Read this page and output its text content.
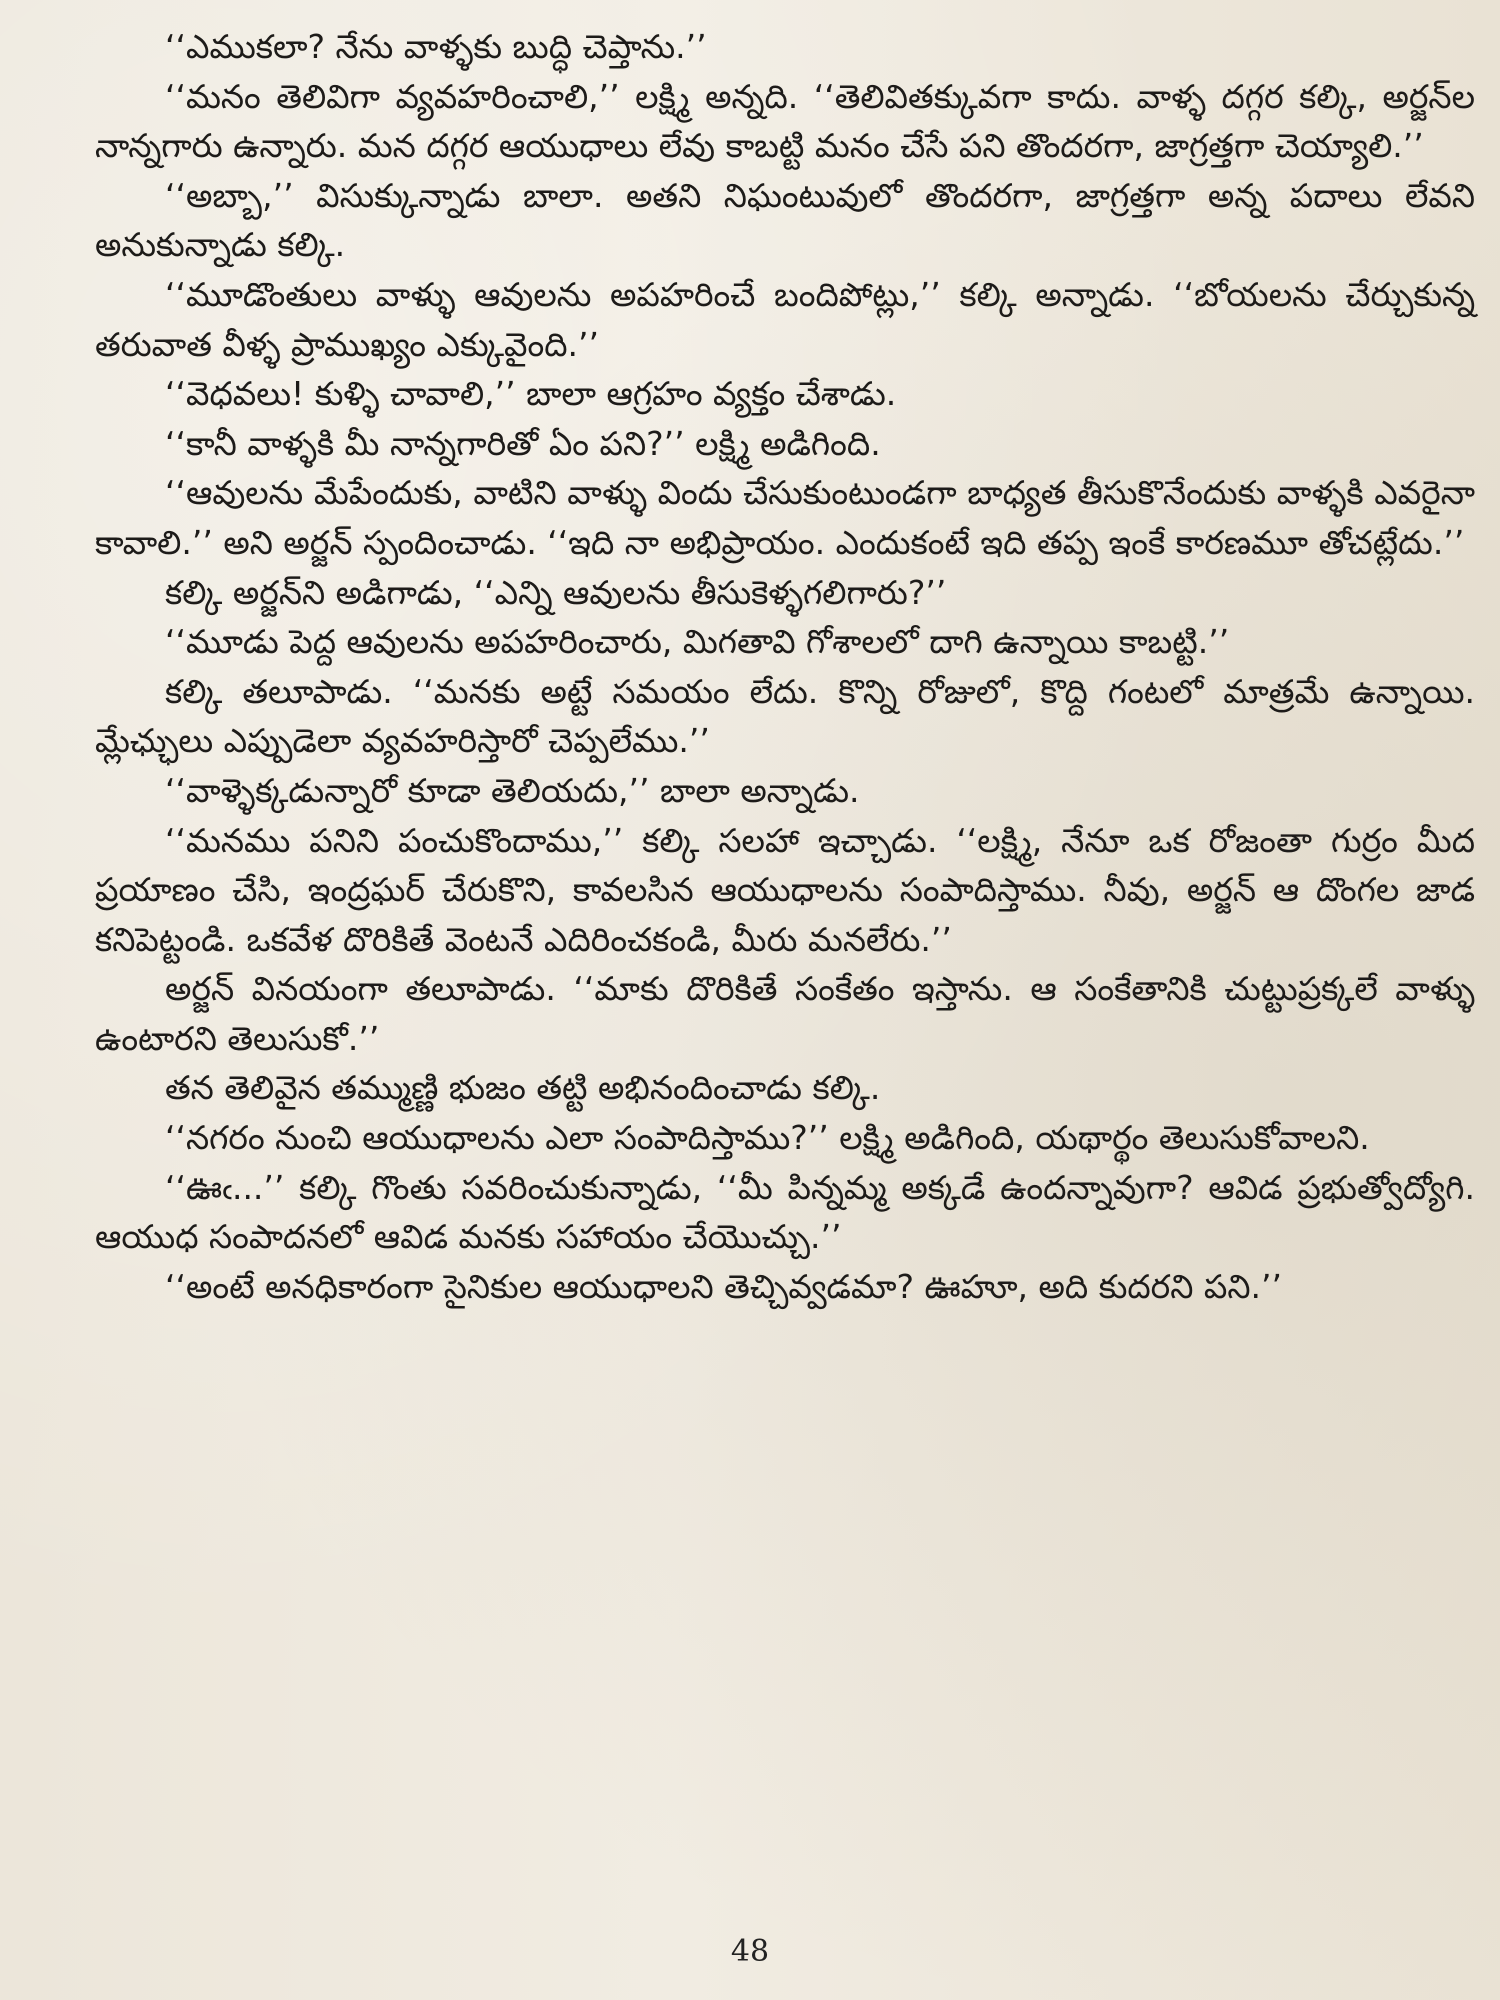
‘‘ఎముకలా? నేను వాళ్ళకు బుద్ధి చెప్తాను.’’

‘‘మనం తెలివిగా వ్యవహరించాలి,’’ లక్ష్మి అన్నది. ‘‘తెలివితక్కువగా కాదు. వాళ్ళ దగ్గర కల్కి, అర్జన్‌ల నాన్నగారు ఉన్నారు. మన దగ్గర ఆయుధాలు లేవు కాబట్టి మనం చేసే పని తొందరగా, జాగ్రత్తగా చెయ్యాలి.’’

‘‘అబ్బా,’’ విసుక్కున్నాడు బాలా. అతని నిఘంటువులో తొందరగా, జాగ్రత్తగా అన్న పదాలు లేవని అనుకున్నాడు కల్కి.

‘‘మూడొంతులు వాళ్ళు ఆవులను అపహరించే బందిపోట్లు,’’ కల్కి అన్నాడు. ‘‘బోయలను చేర్చుకున్న తరువాత వీళ్ళ ప్రాముఖ్యం ఎక్కువైంది.’’

‘‘వెధవలు! కుళ్ళి చావాలి,’’ బాలా ఆగ్రహం వ్యక్తం చేశాడు.

‘‘కానీ వాళ్ళకి మీ నాన్నగారితో ఏం పని?’’ లక్ష్మి అడిగింది.

‘‘ఆవులను మేపేందుకు, వాటిని వాళ్ళు విందు చేసుకుంటుండగా బాధ్యత తీసుకొనేందుకు వాళ్ళకి ఎవరైనా కావాలి.’’ అని అర్జన్ స్పందించాడు. ‘‘ఇది నా అభిప్రాయం. ఎందుకంటే ఇది తప్ప ఇంకే కారణమూ తోచట్లేదు.’’

కల్కి అర్జన్‌ని అడిగాడు, ‘‘ఎన్ని ఆవులను తీసుకెళ్ళగలిగారు?’’

‘‘మూడు పెద్ద ఆవులను అపహరించారు, మిగతావి గోశాలలో దాగి ఉన్నాయి కాబట్టి.’’

కల్కి తలూపాడు. ‘‘మనకు అట్టే సమయం లేదు. కొన్ని రోజులో, కొద్ది గంటలో మాత్రమే ఉన్నాయి. మ్లేఛ్ఛులు ఎప్పుడెలా వ్యవహరిస్తారో చెప్పలేము.’’

‘‘వాళ్ళెక్కడున్నారో కూడా తెలియదు,’’ బాలా అన్నాడు.

‘‘మనము పనిని పంచుకొందాము,’’ కల్కి సలహా ఇచ్చాడు. ‘‘లక్ష్మి, నేనూ ఒక రోజంతా గుర్రం మీద ప్రయాణం చేసి, ఇంద్రఘర్ చేరుకొని, కావలసిన ఆయుధాలను సంపాదిస్తాము. నీవు, అర్జన్ ఆ దొంగల జాడ కనిపెట్టండి. ఒకవేళ దొరికితే వెంటనే ఎదిరించకండి, మీరు మనలేరు.’’

అర్జన్ వినయంగా తలూపాడు. ‘‘మాకు దొరికితే సంకేతం ఇస్తాను. ఆ సంకేతానికి చుట్టుప్రక్కలే వాళ్ళు ఉంటారని తెలుసుకో.’’

తన తెలివైన తమ్ముణ్ణి భుజం తట్టి అభినందించాడు కల్కి.

‘‘నగరం నుంచి ఆయుధాలను ఎలా సంపాదిస్తాము?’’ లక్ష్మి అడిగింది, యథార్థం తెలుసుకోవాలని.

‘‘ఊఁ...’’ కల్కి గొంతు సవరించుకున్నాడు, ‘‘మీ పిన్నమ్మ అక్కడే ఉందన్నావుగా? ఆవిడ ప్రభుత్వోద్యోగి. ఆయుధ సంపాదనలో ఆవిడ మనకు సహాయం చేయొచ్చు.’’

‘‘అంటే అనధికారంగా సైనికుల ఆయుధాలని తెచ్చివ్వడమా? ఊహూ, అది కుదరని పని.’’

48
